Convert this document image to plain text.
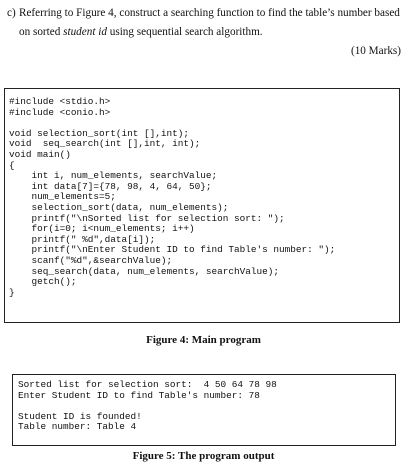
c) Referring to Figure 4, construct a searching function to find the table’s number based on sorted student id using sequential search algorithm.
(10 Marks)
#include <stdio.h>
#include <conio.h>

void selection_sort(int [],int);
void  seq_search(int [],int, int);
void main()
{
int i, num_elements, searchValue;
int data[7]={78, 98, 4, 64, 50};
num_elements=5;
selection_sort(data, num_elements);
printf("\nSorted list for selection sort: ");
for(i=0; i<num_elements; i++)
printf(" %d",data[i]);
printf("\nEnter Student ID to find Table's number: ");
scanf("%d",&searchValue);
seq_search(data, num_elements, searchValue);
getch();
}
Figure 4: Main program
Sorted list for selection sort:  4 50 64 78 98
Enter Student ID to find Table's number: 78

Student ID is founded!
Table number: Table 4
Figure 5: The program output
